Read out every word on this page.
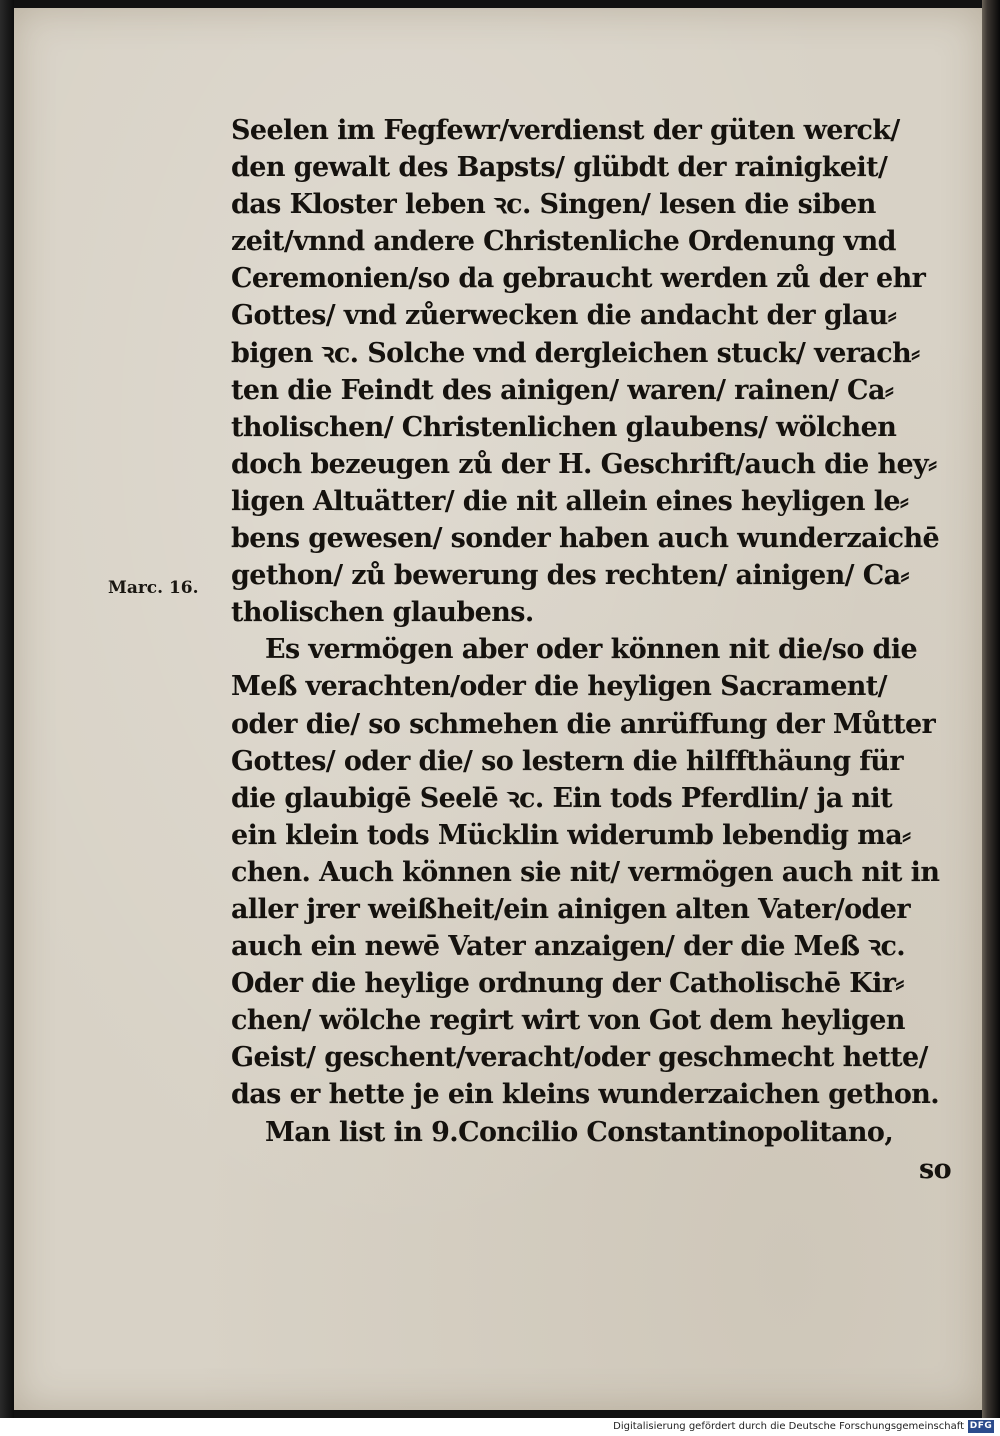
Marc. 16.
Seelen im Fegfewr/verdienst der güten werck/
den gewalt des Bapsts/ glübdt der rainigkeit/
das Kloster leben ꝛc. Singen/ lesen die siben
zeit/vnnd andere Christenliche Ordenung vnd
Ceremonien/so da gebraucht werden zů der ehr
Gottes/ vnd zůerwecken die andacht der glau⸗
bigen ꝛc. Solche vnd dergleichen stuck/ verach⸗
ten die Feindt des ainigen/ waren/ rainen/ Ca⸗
tholischen/ Christenlichen glaubens/ wölchen
doch bezeugen zů der H. Geschrift/auch die hey⸗
ligen Altuätter/ die nit allein eines heyligen le⸗
bens gewesen/ sonder haben auch wunderzaichē
gethon/ zů bewerung des rechten/ ainigen/ Ca⸗
tholischen glaubens.
Es vermögen aber oder können nit die/so die
Meß verachten/oder die heyligen Sacrament/
oder die/ so schmehen die anrüffung der Můtter
Gottes/ oder die/ so lestern die hilffthäung für
die glaubigē Seelē ꝛc. Ein tods Pferdlin/ ja nit
ein klein tods Mücklin widerumb lebendig ma⸗
chen. Auch können sie nit/ vermögen auch nit in
aller jrer weißheit/ein ainigen alten Vater/oder
auch ein newē Vater anzaigen/ der die Meß ꝛc.
Oder die heylige ordnung der Catholischē Kir⸗
chen/ wölche regirt wirt von Got dem heyligen
Geist/ geschent/veracht/oder geschmecht hette/
das er hette je ein kleins wunderzaichen gethon.
Man list in 9.Concilio Constantinopolitano,
so
Digitalisierung gefördert durch die Deutsche Forschungsgemeinschaft DFG
